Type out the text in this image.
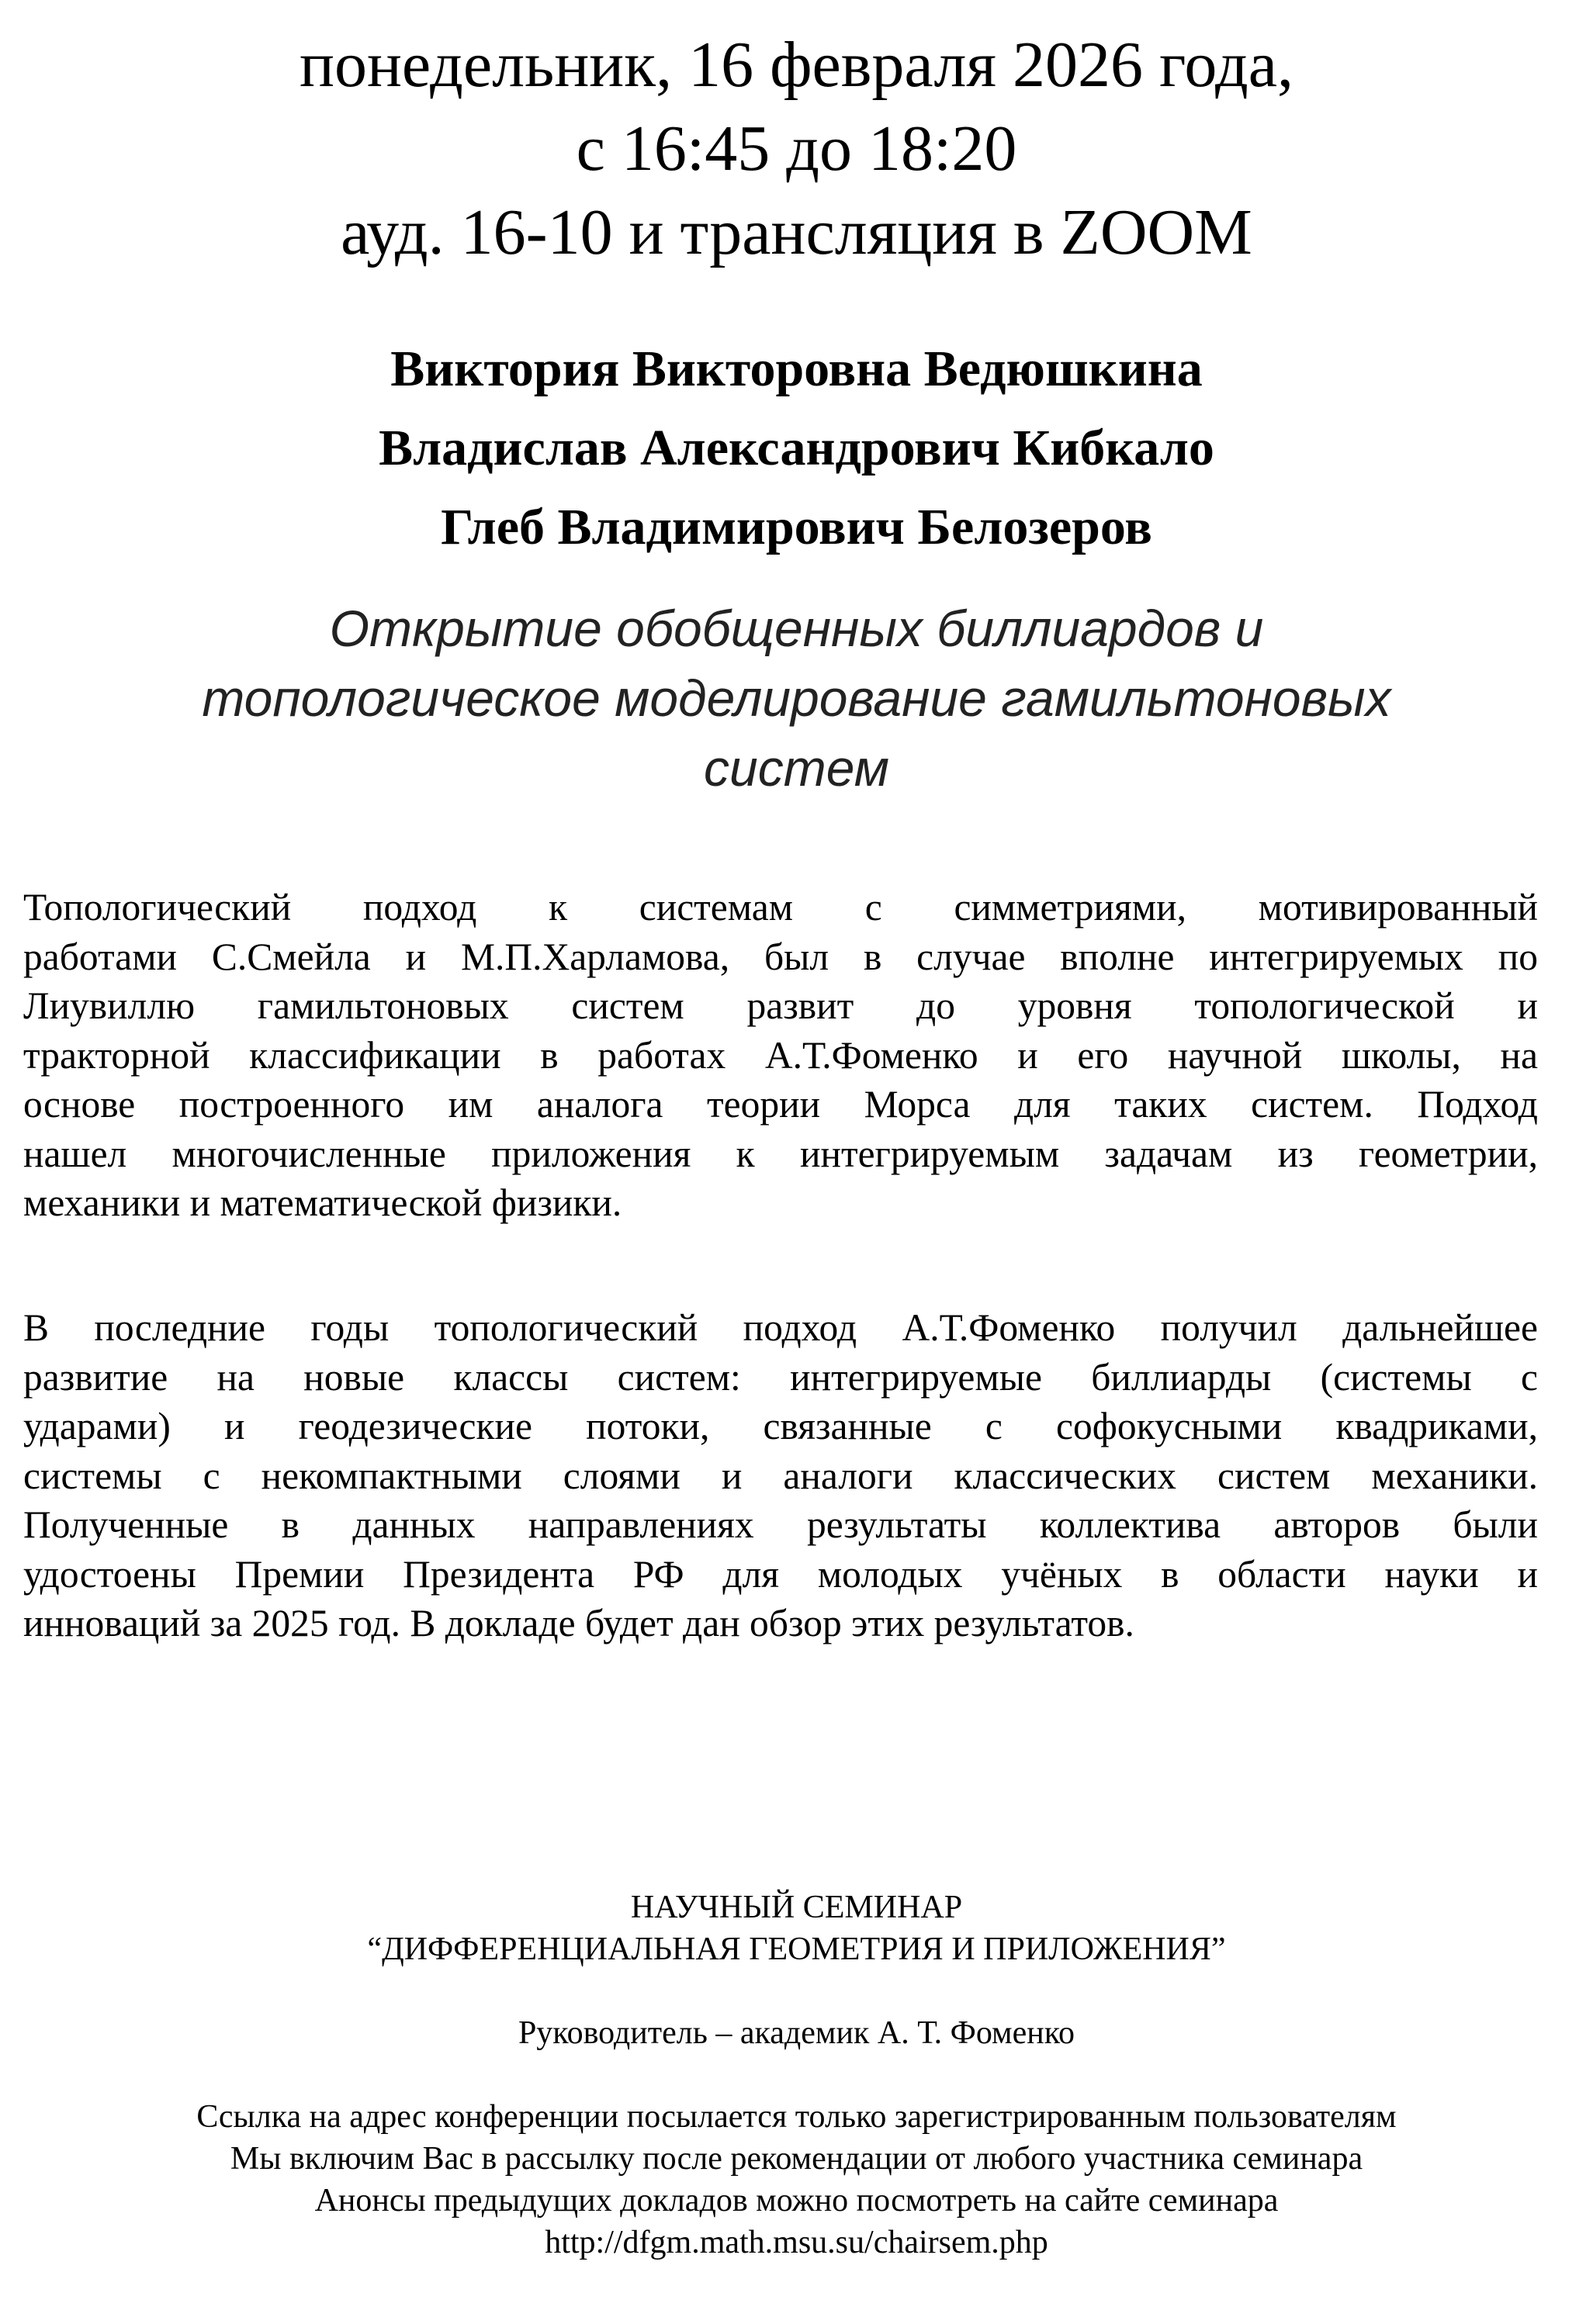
понедельник, 16 февраля 2026 года,
с 16:45 до 18:20
ауд. 16-10 и трансляция в ZOOM
Виктория Викторовна Ведюшкина
Владислав Александрович Кибкало
Глеб Владимирович Белозеров
Открытие обобщенных биллиардов и
топологическое моделирование гамильтоновых
систем
Топологический подход к системам с симметриями, мотивированный
работами С.Смейла и М.П.Харламова, был в случае вполне интегрируемых по
Лиувиллю гамильтоновых систем развит до уровня топологической и
тракторной классификации в работах А.Т.Фоменко и его научной школы, на
основе построенного им аналога теории Морса для таких систем. Подход
нашел многочисленные приложения к интегрируемым задачам из геометрии,
механики и математической физики.
В последние годы топологический подход А.Т.Фоменко получил дальнейшее
развитие на новые классы систем: интегрируемые биллиарды (системы с
ударами) и геодезические потоки, связанные с софокусными квадриками,
системы с некомпактными слоями и аналоги классических систем механики.
Полученные в данных направлениях результаты коллектива авторов были
удостоены Премии Президента РФ для молодых учёных в области науки и
инноваций за 2025 год. В докладе будет дан обзор этих результатов.
НАУЧНЫЙ СЕМИНАР
“ДИФФЕРЕНЦИАЛЬНАЯ ГЕОМЕТРИЯ И ПРИЛОЖЕНИЯ”
Руководитель – академик А. Т. Фоменко
Ссылка на адрес конференции посылается только зарегистрированным пользователям
Мы включим Вас в рассылку после рекомендации от любого участника семинара
Анонсы предыдущих докладов можно посмотреть на сайте семинара
http://dfgm.math.msu.su/chairsem.php
